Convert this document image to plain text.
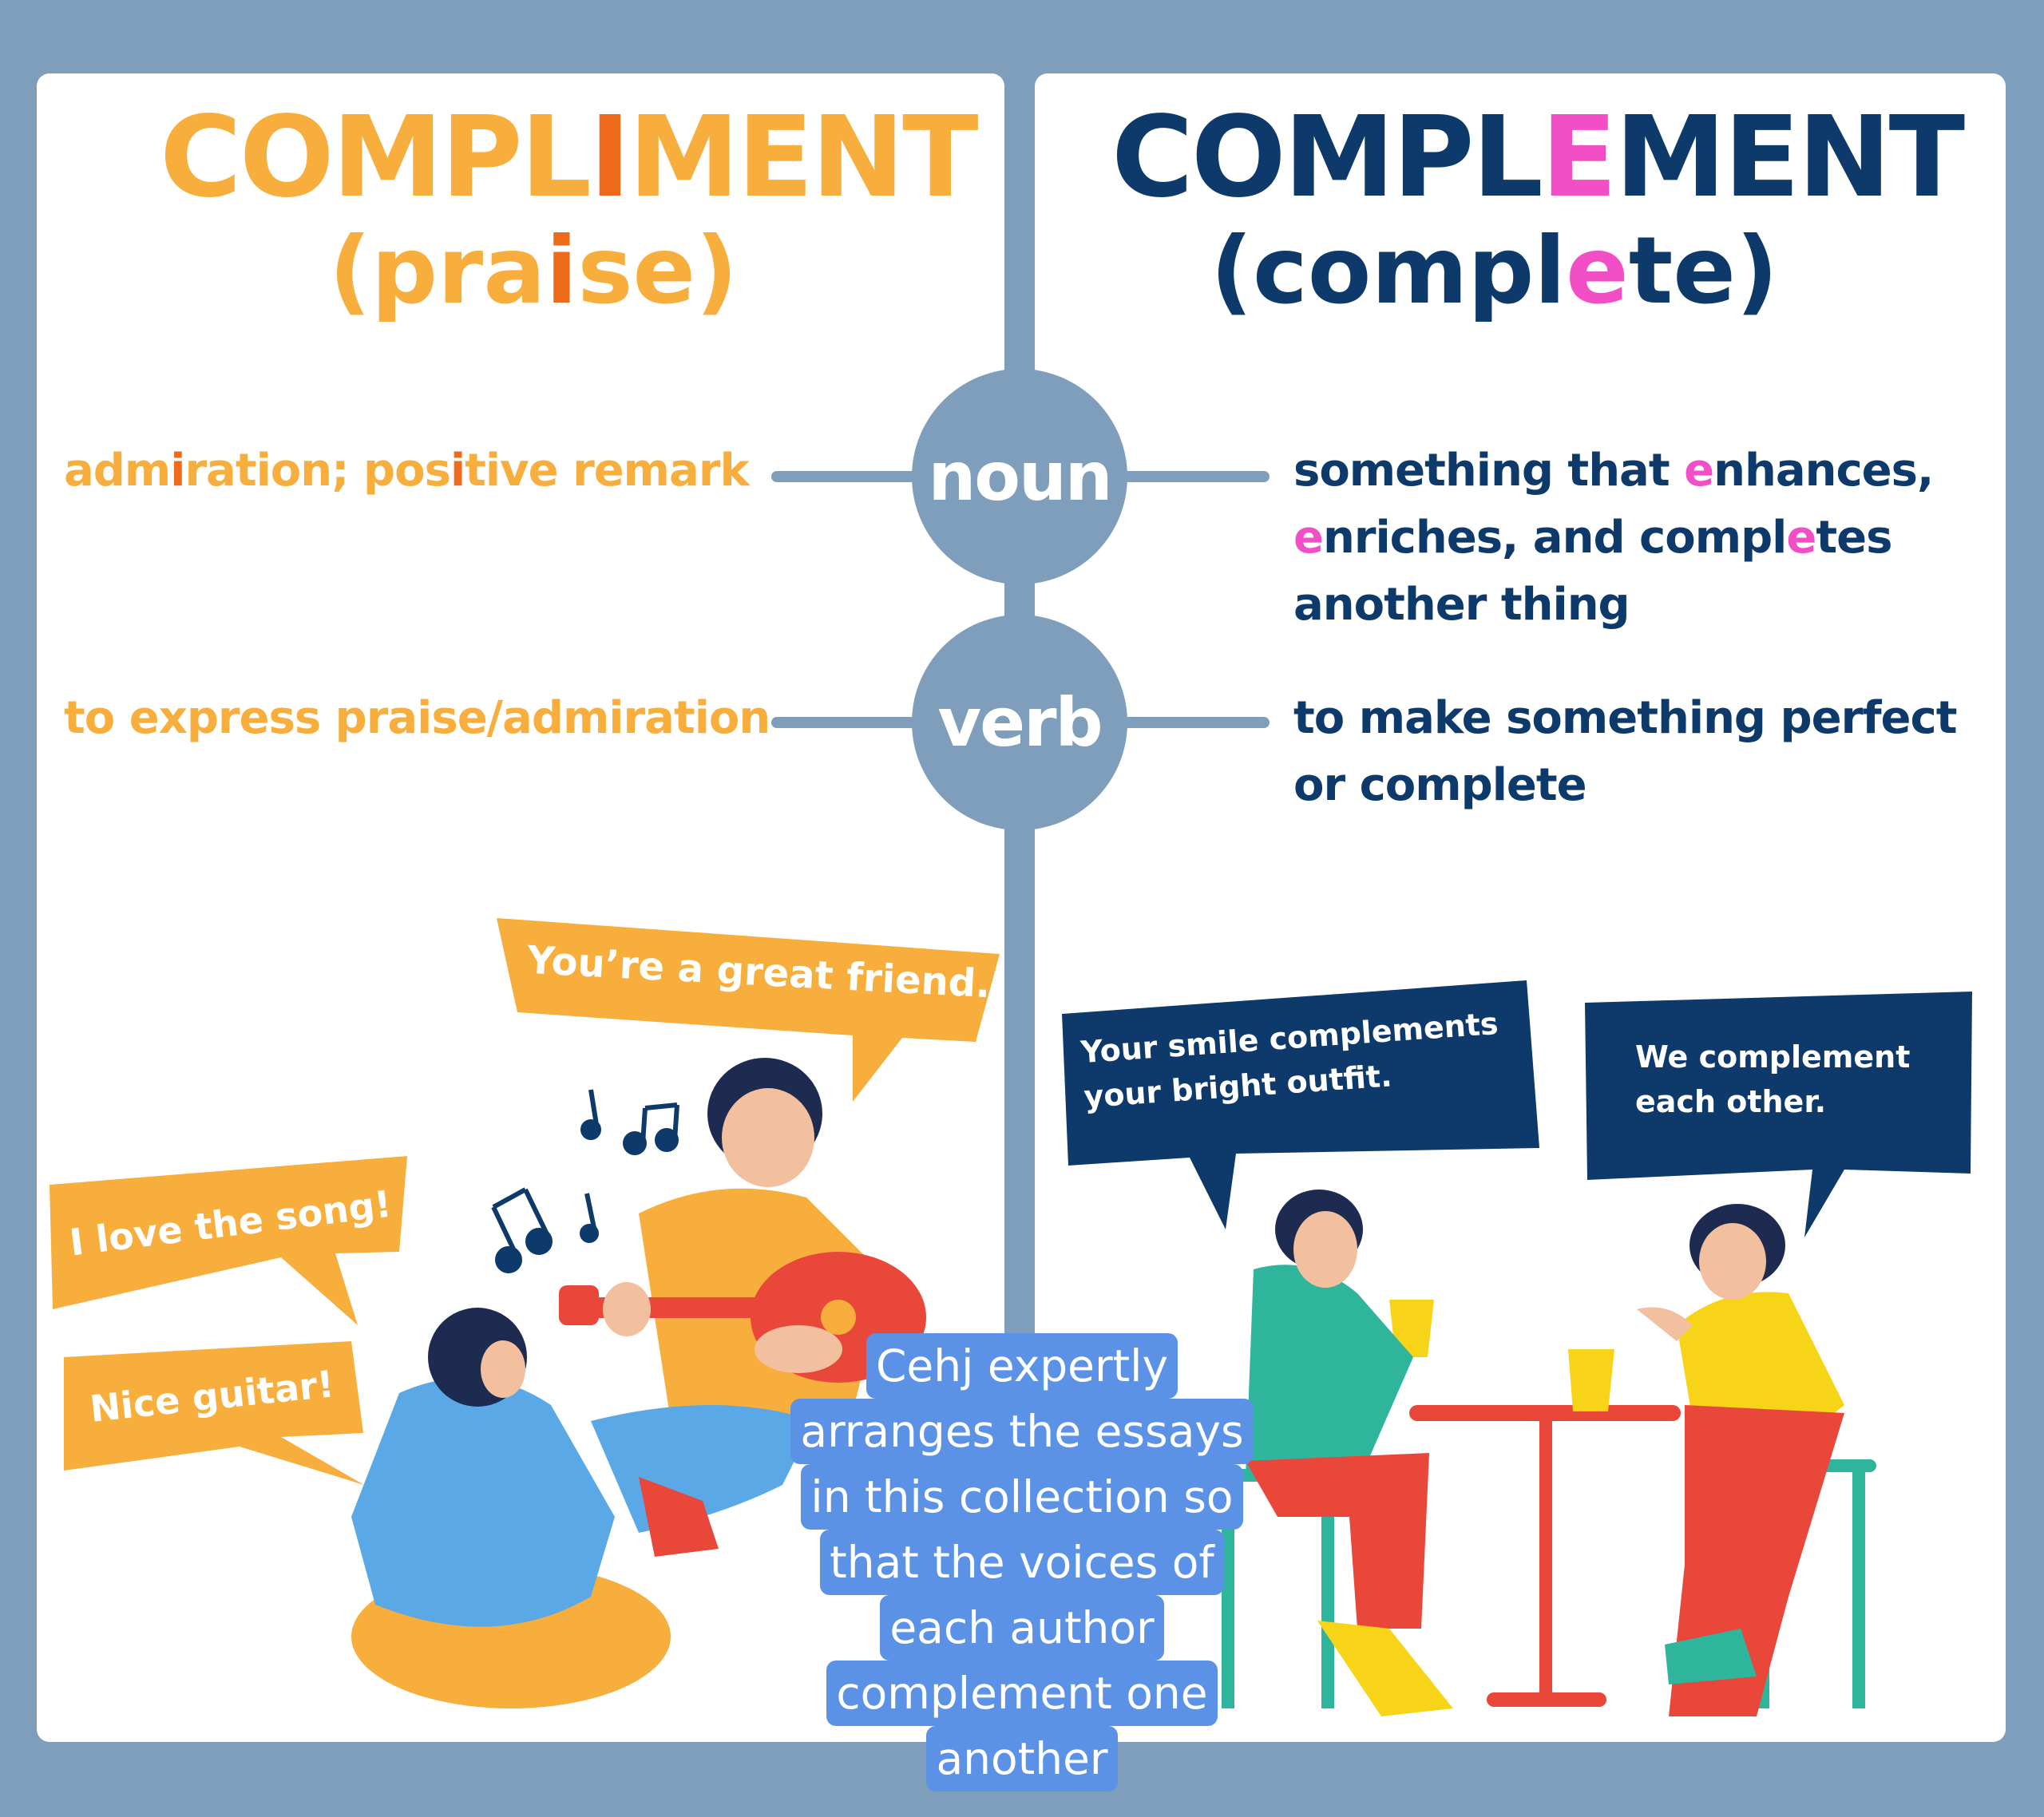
noun
verb
COMPLIMENT
(praise)
COMPLEMENT
(complete)
admiration; positive remark
to express praise/admiration
something that enhances,
enriches, and completes
another thing
to make something perfect
or complete
You’re a great friend.
I love the song!
Nice guitar!
Your smile complements
your bright outfit.
We complement
each other.
Cehj expertly
arranges the essays
in this collection so
that the voices of
each author
complement one
another
